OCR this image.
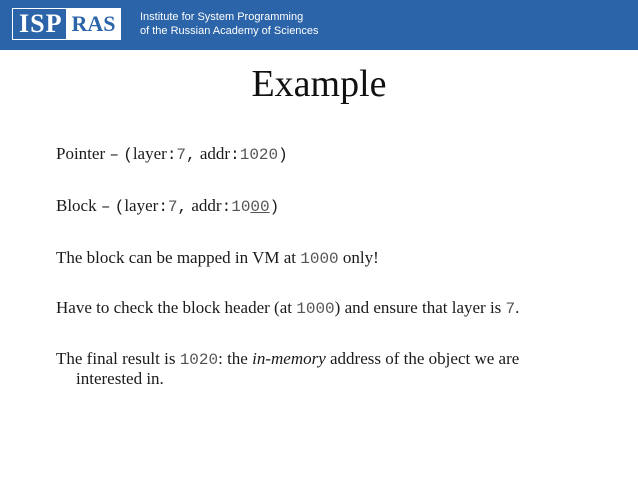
ISP RAS	Institute for System Programming
of the Russian Academy of Sciences
Example
Pointer – (layer:7, addr:1020)
Block – (layer:7, addr:1000)
The block can be mapped in VM at 1000 only!
Have to check the block header (at 1000) and ensure that layer is 7.
The final result is 1020: the in-memory address of the object we are
interested in.
